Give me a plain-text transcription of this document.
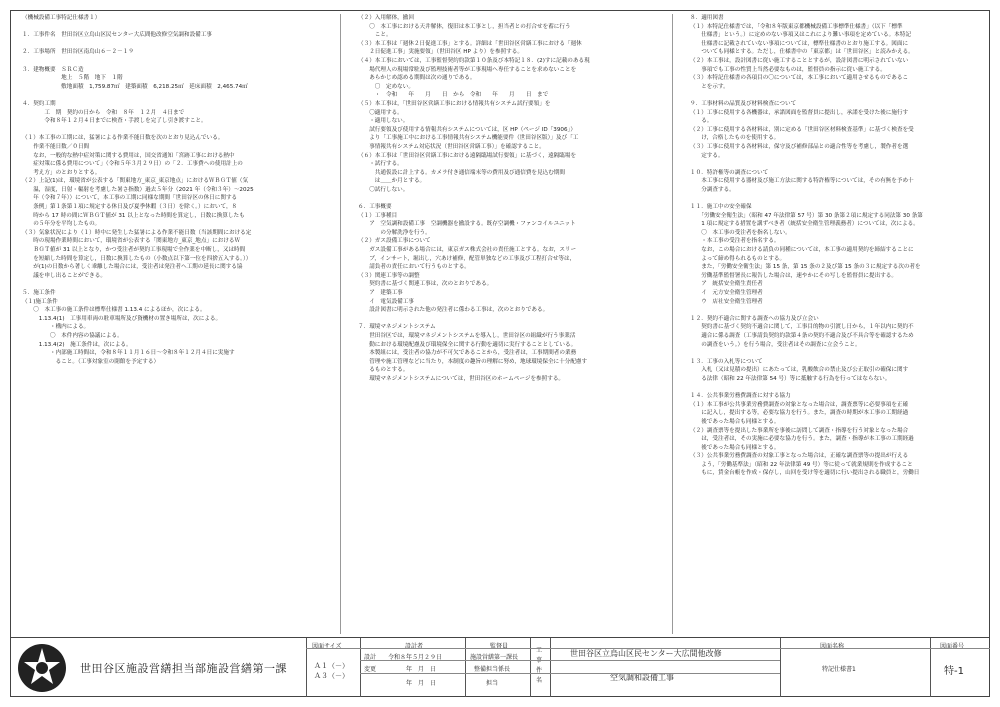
（機械設備工事特記仕様書１）

１．工事件名　世田谷区立烏山区民センター大広間他改修空気調和設備工事

２．工事場所　世田谷区南烏山６－２－１９

３．建物概要　ＳＲＣ造
　　　　　　　地上　５階　地下　１階
　　　　　　　敷地面積　1,759.87㎡　建築面積　6,218.25㎡　延床面積　2,465.74㎡

４．契約工期
　　　　工　期　契約の日から　令和　８年　１２月　４日まで
　　　　令和８年１２月４日までに検査・手渡しを完了し引き渡すこと。

（１）本工事の工期には，猛暑による作業不能日数を次のとおり見込んでいる。
　　作業不能日数／０日間
　　なお，一般的な熱中症対策に関する費用は，国交省通知「宮跡工事における熱中
　　症対策に係る費用について」（令和５年３月２９日）の「２．工事費への使用計上の
　　考え方」のとおりとする。
（２）上記(1)は，環境省が公表する「関東地方_東京_東京地点」におけるＷＢＧＴ値（気
　　温，湿度，日射・輻射を考慮した暑さ指数）過去５年分（2021 年（令和３年）～2025
　　年（令和７年））について，本工事の工期に同様な期間「世田谷区の休日に関する
　　条例」第１条第１項に規定する休日及び夏季休暇（３日）を除く。）において，８
　　時から 17 時の間にＷＢＧＴ値が 31 以上となった時間を算定し，日数に換算したも
　　の５年分を平均したもの。
（３）気象状況により（１）時中に発生した猛暑による作業不能日数（当該期間における定
　　時の現場作業時間において，環境省が公表する「関東地方_東京_地点」におけるＷ
　　ＢＧＴ値が 31 以上となり，かつ受注者が契約工事現場で全作業を中断し，又は時間
　　を短縮した時間を算定し，日数に換算したもの（小数点以下第一位を四捨五入する。））
　　が(1)の日数から著しく乖離した場合には，受注者は発注者へ工期の延長に関する協
　　議を申し出ることができる。

５．施工条件
（１)施工条件
　　〇　本工事の施工条件は標準仕様書 1.13.4 によるほか，次による。
　　　1.13.4(1)　工事用車両の駐車場所及び資機材の置き場所は，次による。
　　　　　・構内による。
　　　　　〇　本件内容の協議による。
　　　1.13.4(2)　施工条件は，次による。
　　　　　・内部施工時間は，令和８年１１月１６日～令和８年１２月４日に実施す
　　　　　　ること。（工事対象室の閉館を予定する）
（２）入用解体，撤回
　　〇　本工事における天井解体，復旧は本工事とし，担当者との打合せを蓄に行う
　　　こと。
（３）本工事は「週休２日促進工事」とする。詳細は「世田谷区営繕工事における「週休
　　２日促進工事」実施要領」（世田谷区 HP より）を参照する。
（４）本工事においては，工事監督契約約款第１０条及び本特記１８．(2)すに記載のある現
　　場代理人の現場常駐及び監理技術者等が工事現場へ専任することを求めないことを
　　あらかじめ認める期間は次の通りである。
　　　〇　定めない。
　　　・　令和　　年　　月　　日　から　令和　　年　　月　　日　まで
（５）本工事は，「世田谷区営繕工事における情報共有システム試行要領」を
　　〇適用する。
　　・適用しない。
　　試行要領及び使用する情報共有システムについては，区 HP（ページ ID「3906」）
　　より「工事施工中における工事情報共有システム機能要件（世田谷区版）」及び「工
　　事情報共有システム対応状況（世田谷区営繕工事）」を確認すること。
（６）本工事は「世田谷区営繕工事における遠隔臨場試行要領」に基づく，遠隔臨場を
　　・試行する。
　　　共通仮設に計上する。カメラ付き通信端末等の費用及び通信費を見込む期間
　　　は＿＿か月とする。
　　〇試行しない。

６．工事概要
（１）工事種目
　　ア　空気調和設備工事　空調機器を撤設する。既存空調機・ファンコイルユニット
　　　　の分解洗浄を行う。
（２）ガス設備工事について
　　ガス設備工事がある場合には，東京ガス株式会社の責任施工とする。なお，スリー
　　ブ，インサート，堀出し，穴あけ補修，配管単独などの工事及び工程打合せ等は，
　　請負者の責任において行うものとする。
（３）関連工事等の調整
　　契約書に基づく関連工事は，次のとおりである。
　　ア　建築工事
　　イ　電気設備工事
　　設計図書に明示された他の発注者に係わる工事は，次のとおりである。

７．環境マネジメントシステム
　　世田谷区では，環境マネジメントシステムを導入し，世田谷区の組織が行う事業活
　　動における環境配慮及び環境保全に関する行動を適切に実行することとしている。
　　本製組には，受注者の協力が不可欠であることから，受注者は，工事期間者の業務
　　管理や施工管理などに当たり，本制度の趣旨の理解に努め，地球環境保全に十分配慮す
　　るものとする。
　　環境マネジメントシステムについては，世田谷区のホームページを参照する。
８．適用図書
（１）本特記仕様書では，「令和８年版東京都機械設備工事標準仕様書」（以下「標準
　　仕様書」という。）に定めのない事項又はこれにより難い事項を定めている。本特記
　　仕様書に記載されていない事項については，標準仕様書のとおり施工する。図面に
　　ついても同様とする。ただし，仕様書中の「東京都」は「世田谷区」と読みかえる。
（２）本工事は，設計図書に従い施工することとするが，設計図書に明示されていない
　　事項でも工事の性質上当然必要なものは，監督員の指示に従い施工する。
（３）本特記仕様書の各項目の〇については，本工事において適用させるものであるこ
　　とを示す。

９．工事材料の品質及び材料検査について
（１）工事に使用する各機器は，承諾図面を監督員に提出し，承諾を受けた後に施行す
　　る。
（２）工事に使用する各材料は，別に定める「世田谷区材料検査基準」に基づく検査を受
　　け，合格したものを使用する。
（３）工事に使用する各材料は，保守及び補修部品との適合性等を考慮し，製作者を選
　　定する。

１０．特許権等の調査について
　　本工事に使用する器材及び施工方法に関する特許権等については，その有無を予め十
　　分調査する。

１１．施工中の安全確保
　　「労働安全衛生法」（昭和 47 年法律第 57 号）第 30 条第２項に規定する同法第 30 条第
　　1 項に規定する措置を講ずべき者（統括安全衛生管理義務者）については，次による。
　　〇　本工事の受注者を指名しない。
　　・本工事の受注者を指名する。
　　なお，この場合における請負の同種については，本工事の適用契約を締結することに
　　よって締め得られるものとする。
　　また，「労働安全衛生法」第 15 条，第 15 条の２及び第 15 条の３に規定する次の者を
　　労働基準監督署長に報告した場合は，速やかにその写しを監督員に提出する。
　　ア　統括安全衛生責任者
　　イ　元方安全衛生管理者
　　ウ　店社安全衛生管理者

１２．契約不適合に関する調査への協力及び立会い
　　契約書に基づく契約不適合に関して，工事目的物の引渡し日から，１年以内に契約不
　　適合に係る調査（工事請負契約約款第４条の契約不適合及び不具合等を確認するため
　　の調査をいう。）を行う場合，受注者はその調査に立会うこと。

１３．工事の入札等について
　　入札（又は見積の提出）にあたっては，乳酸飲合の禁止及び公正取引の確保に関す
　　る法律（昭和 22 年法律第 54 号）等に抵触する行為を行ってはならない。

１４．公共事業労務費調査に対する協力
（１）本工事が公共事業労務費調査の対象となった場合は，調査票等に必要事項を正確
　　に記入し，提出する等，必要な協力を行う。また，調査の時期が本工事の工期経過
　　後であった場合も同様とする。
（２）調査票等を提出した事業所を事後に訪問して調査・指導を行う対象となった場合
　　は，受注者は，その実施に必要な協力を行う。また，調査・指導が本工事の工期経過
　　後であった場合も同様とする。
（３）公共事業労務費調査の対象工事となった場合は，正確な調査票等の提出が行える
　　よう，「労働基準法」（昭和 22 年法律第 49 号）等に従って就業規則を作成すること
　　もに，賃金台帳を作成・保存し，山回を受け等を適切に行い提出される職員と，労働日
世田谷区施設営繕担当部施設営繕第一課
図面サイズ
Ａ１（－）
Ａ３（－）
設計者
設計 令和８年５月２９日
変更	年　月　日
年　月　日
監督員
施設営繕第一課長
整備担当係長
担当
工事件名
世田谷区立烏山区民センター大広間他改修
空気調和設備工事
図面名称
特記仕様書1
図面番号
特-1
